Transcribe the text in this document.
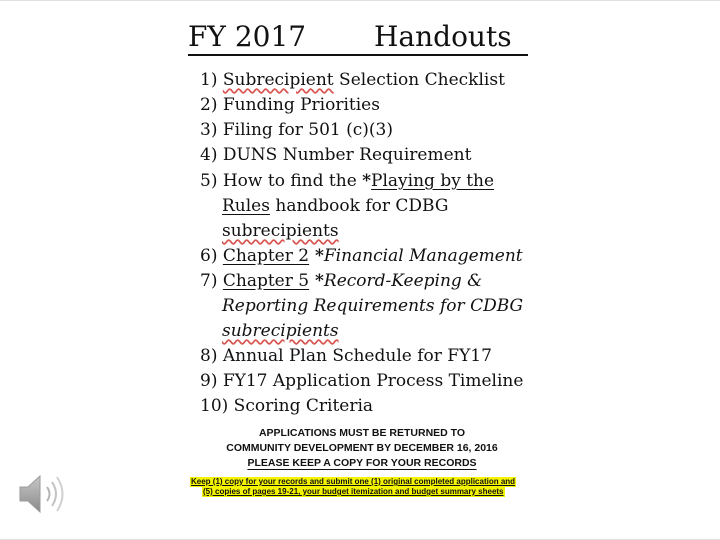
FY 2017 Handouts
1) Subrecipient Selection Checklist
2) Funding Priorities
3) Filing for 501 (c)(3)
4) DUNS Number Requirement
5) How to find the *Playing by the
Rules handbook for CDBG
subrecipients
6) Chapter 2 *Financial Management
7) Chapter 5 *Record-Keeping &
Reporting Requirements for CDBG
subrecipients
8) Annual Plan Schedule for FY17
9) FY17 Application Process Timeline
10) Scoring Criteria
APPLICATIONS MUST BE RETURNED TO
COMMUNITY DEVELOPMENT BY DECEMBER 16, 2016
PLEASE KEEP A COPY FOR YOUR RECORDS
Keep (1) copy for your records and submit one (1) original completed application and
(5) copies of pages 19-21, your budget itemization and budget summary sheets
